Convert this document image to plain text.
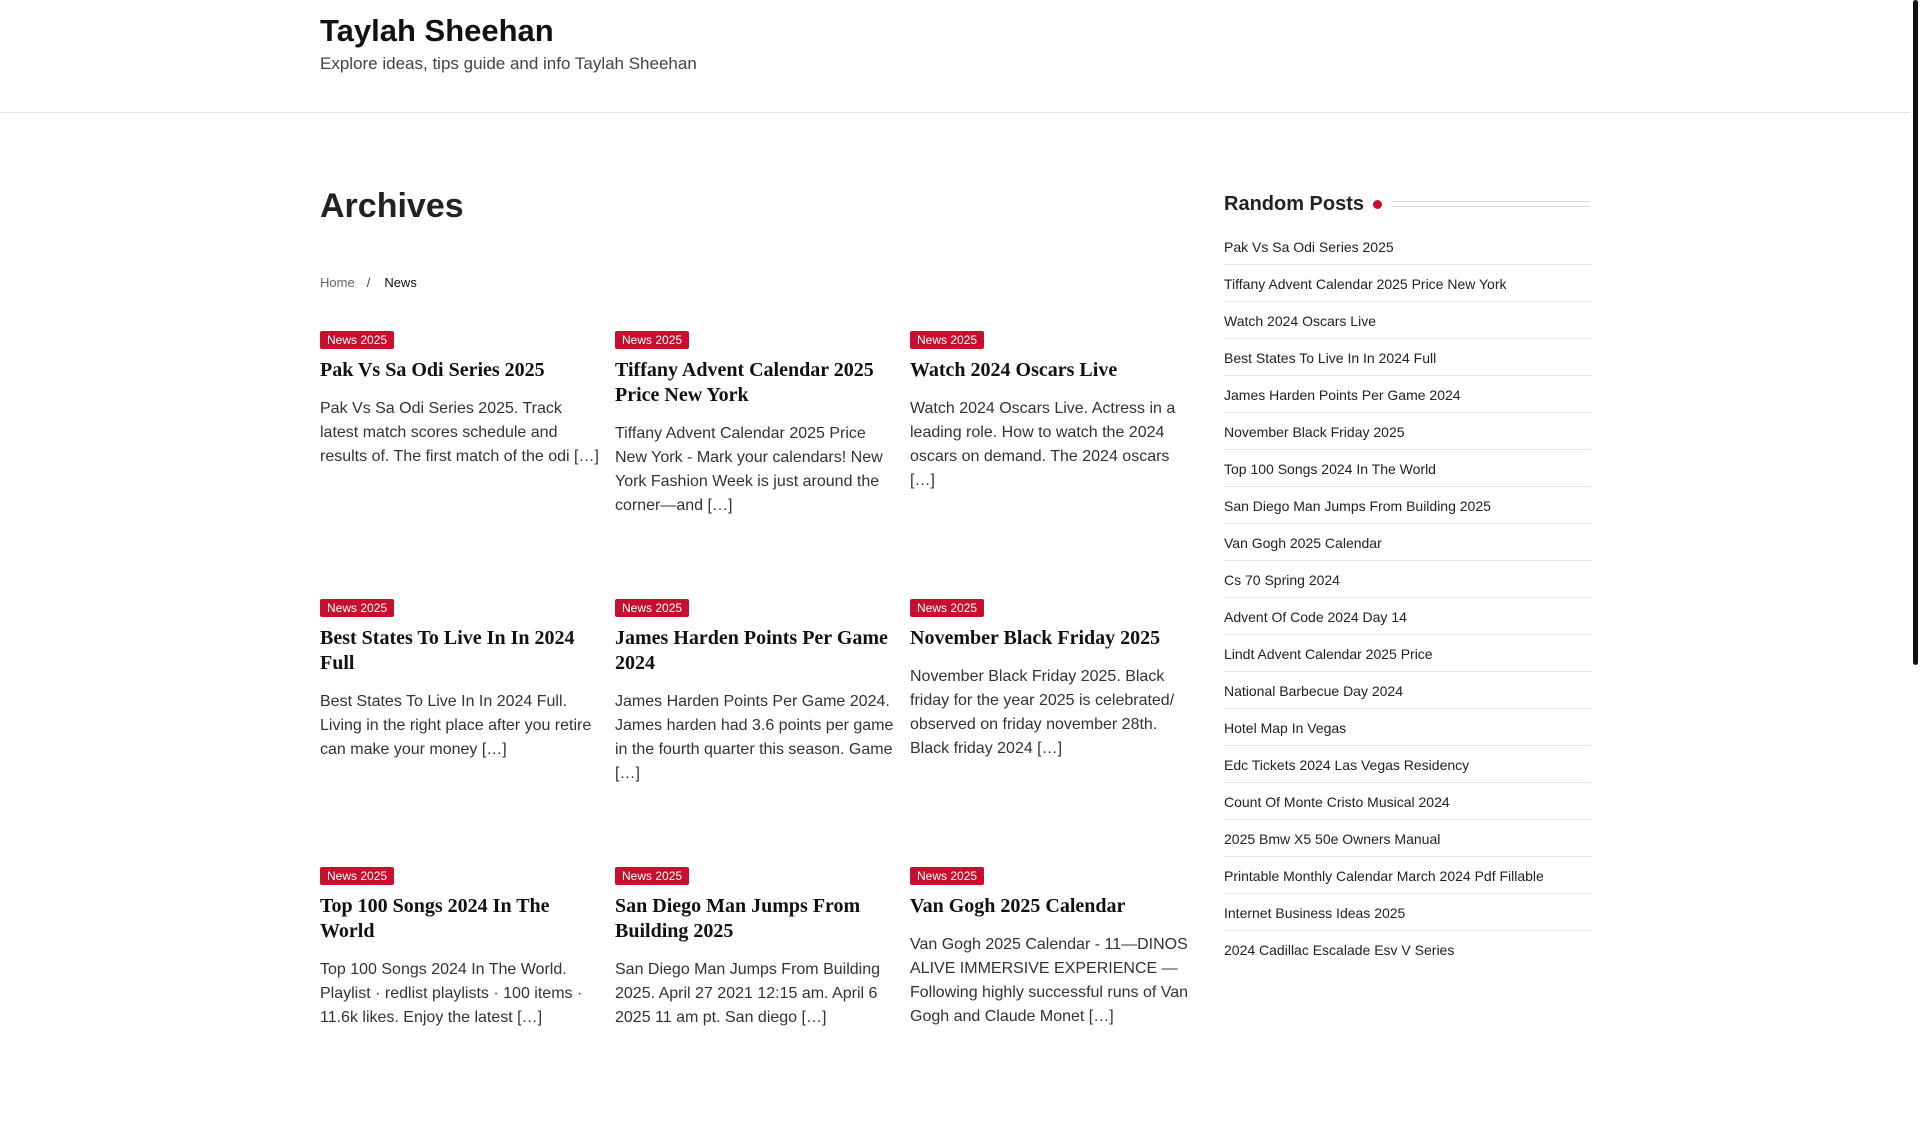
Taylah Sheehan

Explore ideas, tips guide and info Taylah Sheehan

Archives
Home / News
News 2025
Pak Vs Sa Odi Series 2025

Pak Vs Sa Odi Series 2025. Track latest match scores schedule and results of. The first match of the odi […]

News 2025
Tiffany Advent Calendar 2025 Price New York

Tiffany Advent Calendar 2025 Price New York - Mark your calendars! New York Fashion Week is just around the corner—and […]

News 2025
Watch 2024 Oscars Live

Watch 2024 Oscars Live. Actress in a leading role. How to watch the 2024 oscars on demand. The 2024 oscars […]

News 2025
Best States To Live In In 2024 Full

Best States To Live In In 2024 Full. Living in the right place after you retire can make your money […]

News 2025
James Harden Points Per Game 2024

James Harden Points Per Game 2024. James harden had 3.6 points per game in the fourth quarter this season. Game […]

News 2025
November Black Friday 2025

November Black Friday 2025. Black friday for the year 2025 is celebrated/ observed on friday november 28th. Black friday 2024 […]

News 2025
Top 100 Songs 2024 In The World

Top 100 Songs 2024 In The World. Playlist · redlist playlists · 100 items · 11.6k likes. Enjoy the latest […]

News 2025
San Diego Man Jumps From Building 2025

San Diego Man Jumps From Building 2025. April 27 2021 12:15 am. April 6 2025 11 am pt. San diego […]

News 2025
Van Gogh 2025 Calendar

Van Gogh 2025 Calendar - 11—DINOS ALIVE IMMERSIVE EXPERIENCE — Following highly successful runs of Van Gogh and Claude Monet […]

Random Posts
Pak Vs Sa Odi Series 2025
Tiffany Advent Calendar 2025 Price New York
Watch 2024 Oscars Live
Best States To Live In In 2024 Full
James Harden Points Per Game 2024
November Black Friday 2025
Top 100 Songs 2024 In The World
San Diego Man Jumps From Building 2025
Van Gogh 2025 Calendar
Cs 70 Spring 2024
Advent Of Code 2024 Day 14
Lindt Advent Calendar 2025 Price
National Barbecue Day 2024
Hotel Map In Vegas
Edc Tickets 2024 Las Vegas Residency
Count Of Monte Cristo Musical 2024
2025 Bmw X5 50e Owners Manual
Printable Monthly Calendar March 2024 Pdf Fillable
Internet Business Ideas 2025
2024 Cadillac Escalade Esv V Series
